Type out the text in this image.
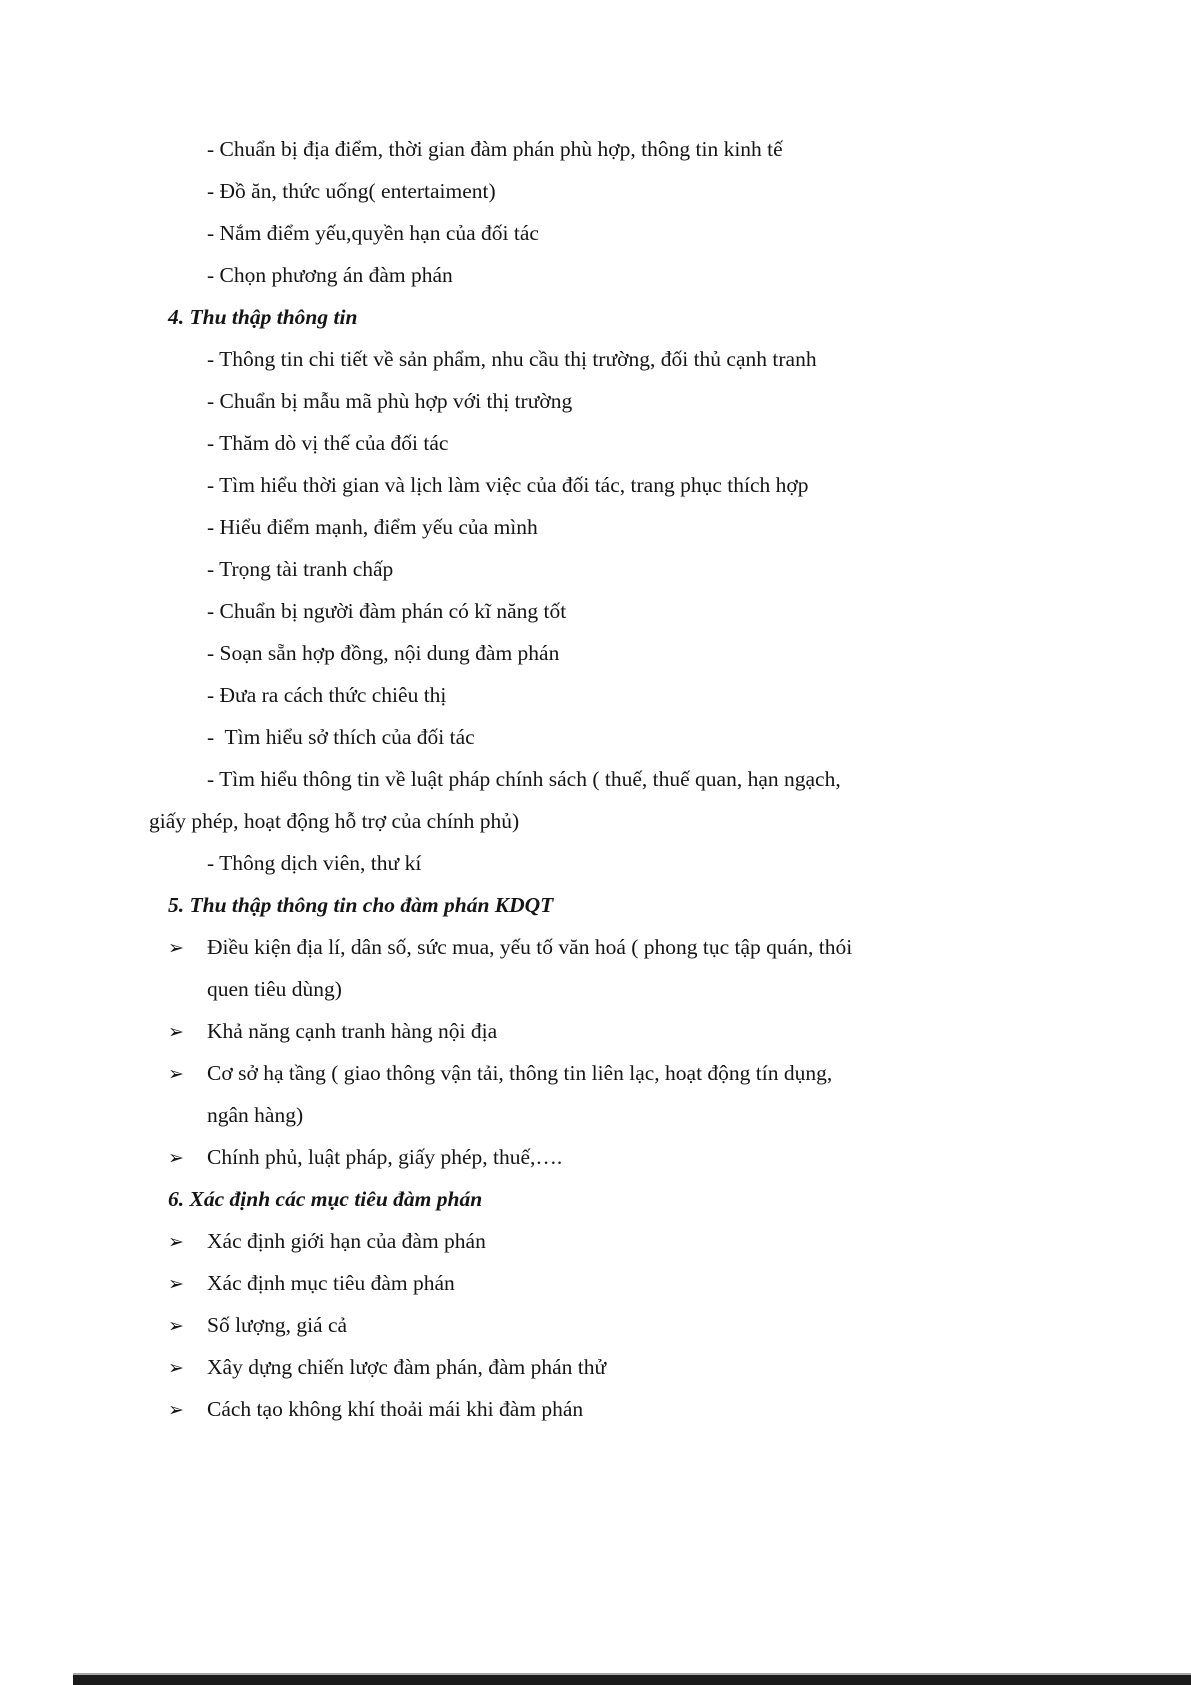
- Chuẩn bị địa điểm, thời gian đàm phán phù hợp, thông tin kinh tế
- Đồ ăn, thức uống( entertaiment)
- Nắm điểm yếu,quyền hạn của đối tác
- Chọn phương án đàm phán
4. Thu thập thông tin
- Thông tin chi tiết về sản phẩm, nhu cầu thị trường, đối thủ cạnh tranh
- Chuẩn bị mẫu mã phù hợp với thị trường
- Thăm dò vị thế của đối tác
- Tìm hiểu thời gian và lịch làm việc của đối tác, trang phục thích hợp
- Hiểu điểm mạnh, điểm yếu của mình
- Trọng tài tranh chấp
- Chuẩn bị người đàm phán có kĩ năng tốt
- Soạn sẵn hợp đồng, nội dung đàm phán
- Đưa ra cách thức chiêu thị
-  Tìm hiểu sở thích của đối tác
- Tìm hiểu thông tin về luật pháp chính sách ( thuế, thuế quan, hạn ngạch,
giấy phép, hoạt động hỗ trợ của chính phủ)
- Thông dịch viên, thư kí
5. Thu thập thông tin cho đàm phán KDQT
➢ Điều kiện địa lí, dân số, sức mua, yếu tố văn hoá ( phong tục tập quán, thói
quen tiêu dùng)
➢ Khả năng cạnh tranh hàng nội địa
➢ Cơ sở hạ tầng ( giao thông vận tải, thông tin liên lạc, hoạt động tín dụng,
ngân hàng)
➢ Chính phủ, luật pháp, giấy phép, thuế,….
6. Xác định các mục tiêu đàm phán
➢ Xác định giới hạn của đàm phán
➢ Xác định mục tiêu đàm phán
➢ Số lượng, giá cả
➢ Xây dựng chiến lược đàm phán, đàm phán thử
➢ Cách tạo không khí thoải mái khi đàm phán
